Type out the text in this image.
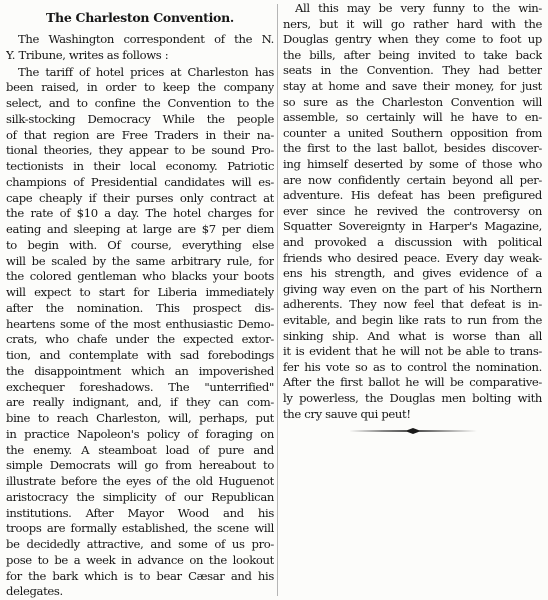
The Charleston Convention.
The Washington correspondent of the N.
Y. Tribune, writes as follows :
The tariff of hotel prices at Charleston has
been raised, in order to keep the company
select, and to confine the Convention to the
silk-stocking Democracy While the people
of that region are Free Traders in their na-
tional theories, they appear to be sound Pro-
tectionists in their local economy. Patriotic
champions of Presidential candidates will es-
cape cheaply if their purses only contract at
the rate of $10 a day. The hotel charges for
eating and sleeping at large are $7 per diem
to begin with. Of course, everything else
will be scaled by the same arbitrary rule, for
the colored gentleman who blacks your boots
will expect to start for Liberia immediately
after the nomination. This prospect dis-
heartens some of the most enthusiastic Demo-
crats, who chafe under the expected extor-
tion, and contemplate with sad forebodings
the disappointment which an impoverished
exchequer foreshadows. The "unterrified"
are really indignant, and, if they can com-
bine to reach Charleston, will, perhaps, put
in practice Napoleon's policy of foraging on
the enemy. A steamboat load of pure and
simple Democrats will go from hereabout to
illustrate before the eyes of the old Huguenot
aristocracy the simplicity of our Republican
institutions. After Mayor Wood and his
troops are formally established, the scene will
be decidedly attractive, and some of us pro-
pose to be a week in advance on the lookout
for the bark which is to bear Cæsar and his
delegates.
All this may be very funny to the win-
ners, but it will go rather hard with the
Douglas gentry when they come to foot up
the bills, after being invited to take back
seats in the Convention. They had better
stay at home and save their money, for just
so sure as the Charleston Convention will
assemble, so certainly will he have to en-
counter a united Southern opposition from
the first to the last ballot, besides discover-
ing himself deserted by some of those who
are now confidently certain beyond all per-
adventure. His defeat has been prefigured
ever since he revived the controversy on
Squatter Sovereignty in Harper's Magazine,
and provoked a discussion with political
friends who desired peace. Every day weak-
ens his strength, and gives evidence of a
giving way even on the part of his Northern
adherents. They now feel that defeat is in-
evitable, and begin like rats to run from the
sinking ship. And what is worse than all
it is evident that he will not be able to trans-
fer his vote so as to control the nomination.
After the first ballot he will be comparative-
ly powerless, the Douglas men bolting with
the cry sauve qui peut!
